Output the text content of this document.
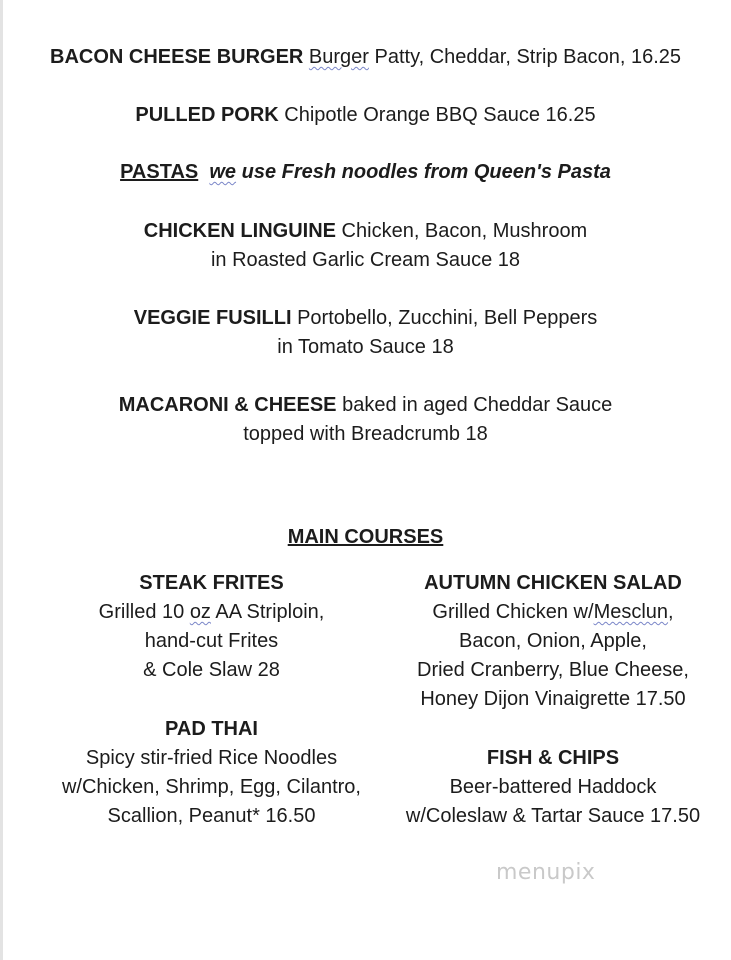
BACON CHEESE BURGER Burger Patty, Cheddar, Strip Bacon, 16.25
PULLED PORK Chipotle Orange BBQ Sauce 16.25
PASTAS we use Fresh noodles from Queen's Pasta
CHICKEN LINGUINE Chicken, Bacon, Mushroom
in Roasted Garlic Cream Sauce 18
VEGGIE FUSILLI Portobello, Zucchini, Bell Peppers
in Tomato Sauce 18
MACARONI & CHEESE baked in aged Cheddar Sauce
topped with Breadcrumb 18
MAIN COURSES
STEAK FRITES
Grilled 10 oz AA Striploin,
hand-cut Frites
& Cole Slaw 28
PAD THAI
Spicy stir-fried Rice Noodles
w/Chicken, Shrimp, Egg, Cilantro,
Scallion, Peanut* 16.50
AUTUMN CHICKEN SALAD
Grilled Chicken w/Mesclun,
Bacon, Onion, Apple,
Dried Cranberry, Blue Cheese,
Honey Dijon Vinaigrette 17.50
FISH & CHIPS
Beer-battered Haddock
w/Coleslaw & Tartar Sauce 17.50
menupix
